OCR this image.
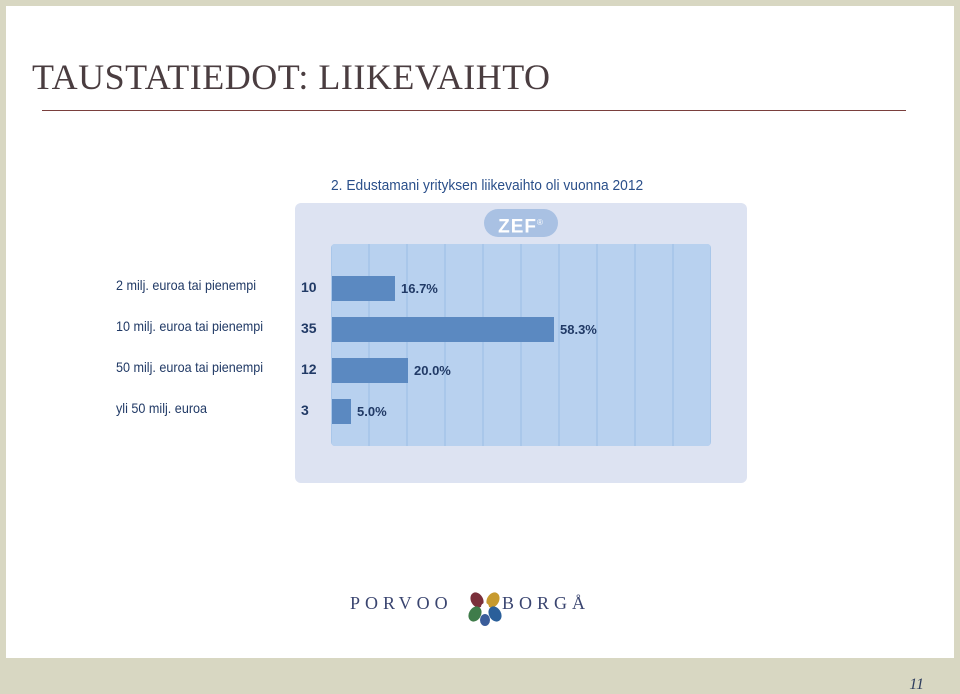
TAUSTATIEDOT: LIIKEVAIHTO
2. Edustamani yrityksen liikevaihto oli vuonna 2012
ZEF®
2 milj. euroa tai pienempi	10	16.7%
10 milj. euroa tai pienempi	35	58.3%
50 milj. euroa tai pienempi	12	20.0%
yli 50 milj. euroa	3	5.0%
PORVOO	BORGÅ
11
